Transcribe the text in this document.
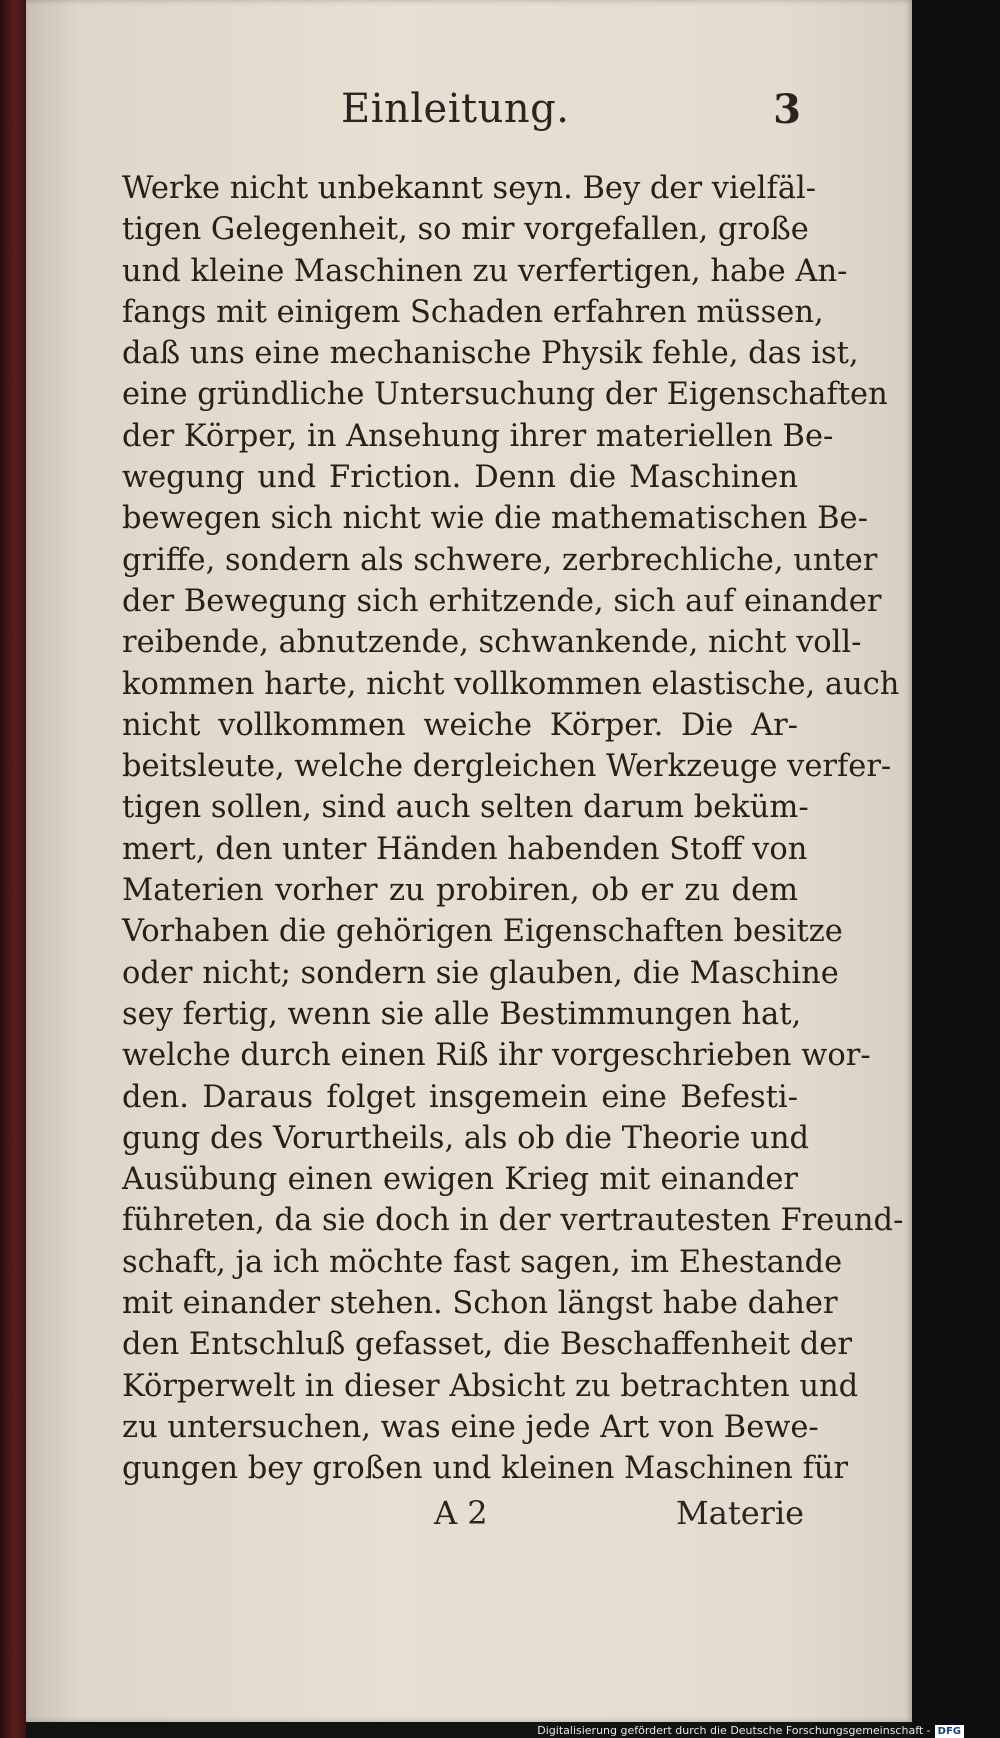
Einleitung.	3
Werke nicht unbekannt seyn. Bey der vielfäl-
tigen Gelegenheit, so mir vorgefallen, große
und kleine Maschinen zu verfertigen, habe An-
fangs mit einigem Schaden erfahren müssen,
daß uns eine mechanische Physik fehle, das ist,
eine gründliche Untersuchung der Eigenschaften
der Körper, in Ansehung ihrer materiellen Be-
wegung und Friction. Denn die Maschinen
bewegen sich nicht wie die mathematischen Be-
griffe, sondern als schwere, zerbrechliche, unter
der Bewegung sich erhitzende, sich auf einander
reibende, abnutzende, schwankende, nicht voll-
kommen harte, nicht vollkommen elastische, auch
nicht vollkommen weiche Körper. Die Ar-
beitsleute, welche dergleichen Werkzeuge verfer-
tigen sollen, sind auch selten darum beküm-
mert, den unter Händen habenden Stoff von
Materien vorher zu probiren, ob er zu dem
Vorhaben die gehörigen Eigenschaften besitze
oder nicht; sondern sie glauben, die Maschine
sey fertig, wenn sie alle Bestimmungen hat,
welche durch einen Riß ihr vorgeschrieben wor-
den. Daraus folget insgemein eine Befesti-
gung des Vorurtheils, als ob die Theorie und
Ausübung einen ewigen Krieg mit einander
führeten, da sie doch in der vertrautesten Freund-
schaft, ja ich möchte fast sagen, im Ehestande
mit einander stehen. Schon längst habe daher
den Entschluß gefasset, die Beschaffenheit der
Körperwelt in dieser Absicht zu betrachten und
zu untersuchen, was eine jede Art von Bewe-
gungen bey großen und kleinen Maschinen für
A 2	Materie
Digitalisierung gefördert durch die Deutsche Forschungsgemeinschaft - DFG
